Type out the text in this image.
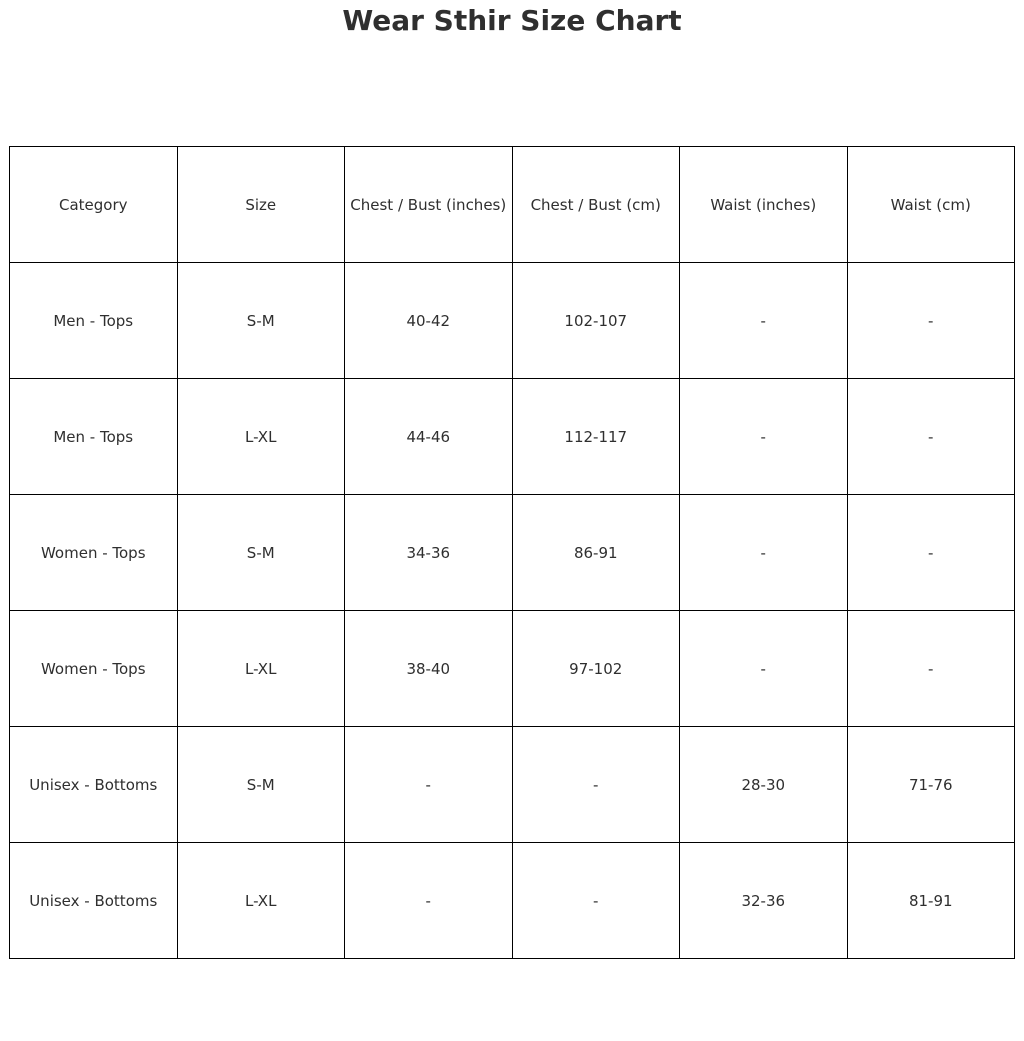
Wear Sthir Size Chart
Category	Size	Chest / Bust (inches)	Chest / Bust (cm)	Waist (inches)	Waist (cm)
Men - Tops	S-M	40-42	102-107	-	-
Men - Tops	L-XL	44-46	112-117	-	-
Women - Tops	S-M	34-36	86-91	-	-
Women - Tops	L-XL	38-40	97-102	-	-
Unisex - Bottoms	S-M	-	-	28-30	71-76
Unisex - Bottoms	L-XL	-	-	32-36	81-91
